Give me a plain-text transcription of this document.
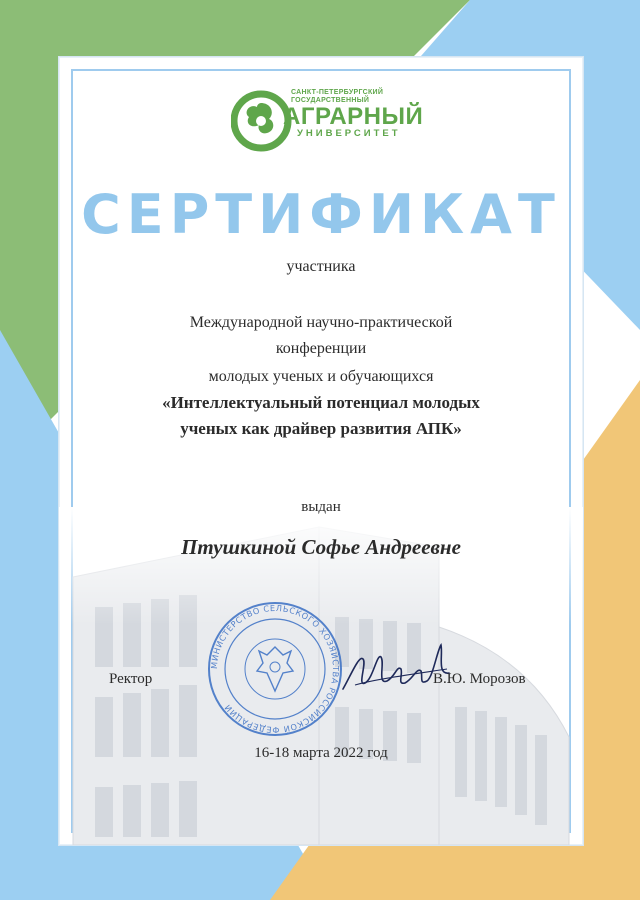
САНКТ-ПЕТЕРБУРГСКИЙ
ГОСУДАРСТВЕННЫЙ
АГРАРНЫЙ
УНИВЕРСИТЕТ
СЕРТИФИКАТ
участника
Международной научно-практической
конференции
молодых ученых и обучающихся
«Интеллектуальный потенциал молодых
ученых как драйвер развития АПК»
выдан
Птушкиной Софье Андреевне
МИНИСТЕРСТВО СЕЛЬСКОГО ХОЗЯЙСТВА РОССИЙСКОЙ ФЕДЕРАЦИИ
Ректор	В.Ю. Морозов
16-18 марта 2022 год
